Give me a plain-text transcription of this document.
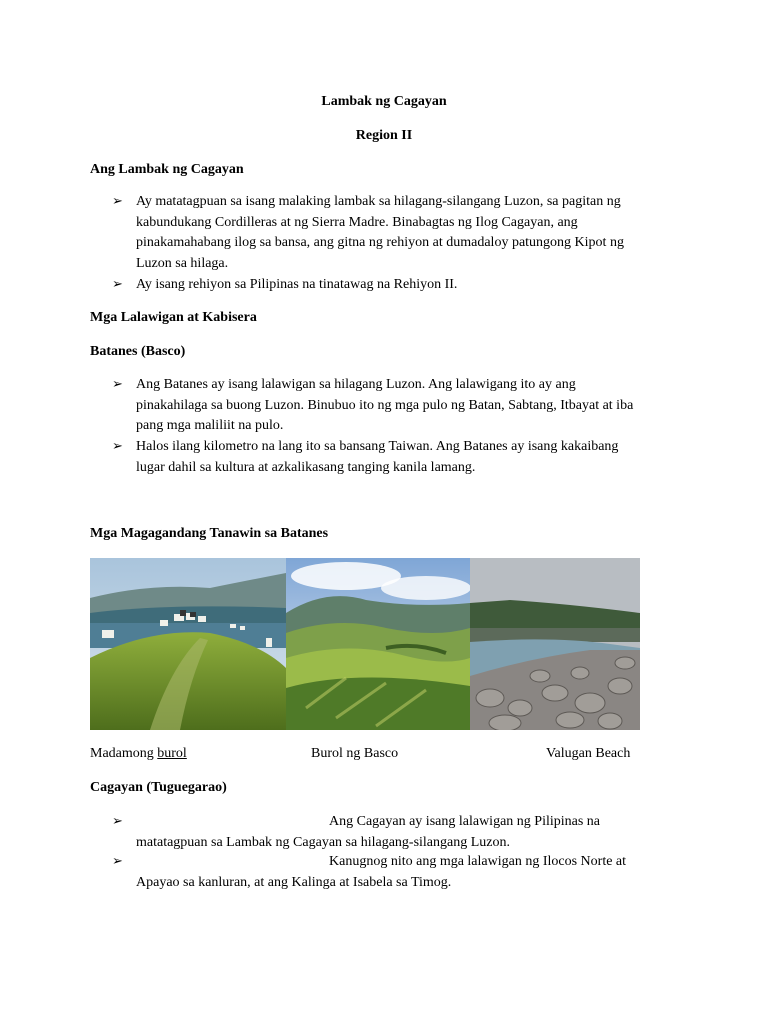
Lambak ng Cagayan
Region II
Ang Lambak ng Cagayan
➢ Ay matatagpuan sa isang malaking lambak sa hilagang-silangang Luzon, sa pagitan ng
kabundukang Cordilleras at ng Sierra Madre. Binabagtas ng Ilog Cagayan, ang
pinakamahabang ilog sa bansa, ang gitna ng rehiyon at dumadaloy patungong Kipot ng
Luzon sa hilaga.
➢ Ay isang rehiyon sa Pilipinas na tinatawag na Rehiyon II.
Mga Lalawigan at Kabisera
Batanes (Basco)
➢ Ang Batanes ay isang lalawigan sa hilagang Luzon. Ang lalawigang ito ay ang
pinakahilaga sa buong Luzon. Binubuo ito ng mga pulo ng Batan, Sabtang, Itbayat at iba
pang mga maliliit na pulo.
➢ Halos ilang kilometro na lang ito sa bansang Taiwan. Ang Batanes ay isang kakaibang
lugar dahil sa kultura at azkalikasang tanging kanila lamang.
Mga Magagandang Tanawin sa Batanes
Madamong burol	Burol ng Basco	Valugan Beach
Cagayan (Tuguegarao)
➢	Ang Cagayan ay isang lalawigan ng Pilipinas na
matatagpuan sa Lambak ng Cagayan sa hilagang-silangang Luzon.
➢	Kanugnog nito ang mga lalawigan ng Ilocos Norte at
Apayao sa kanluran, at ang Kalinga at Isabela sa Timog.
